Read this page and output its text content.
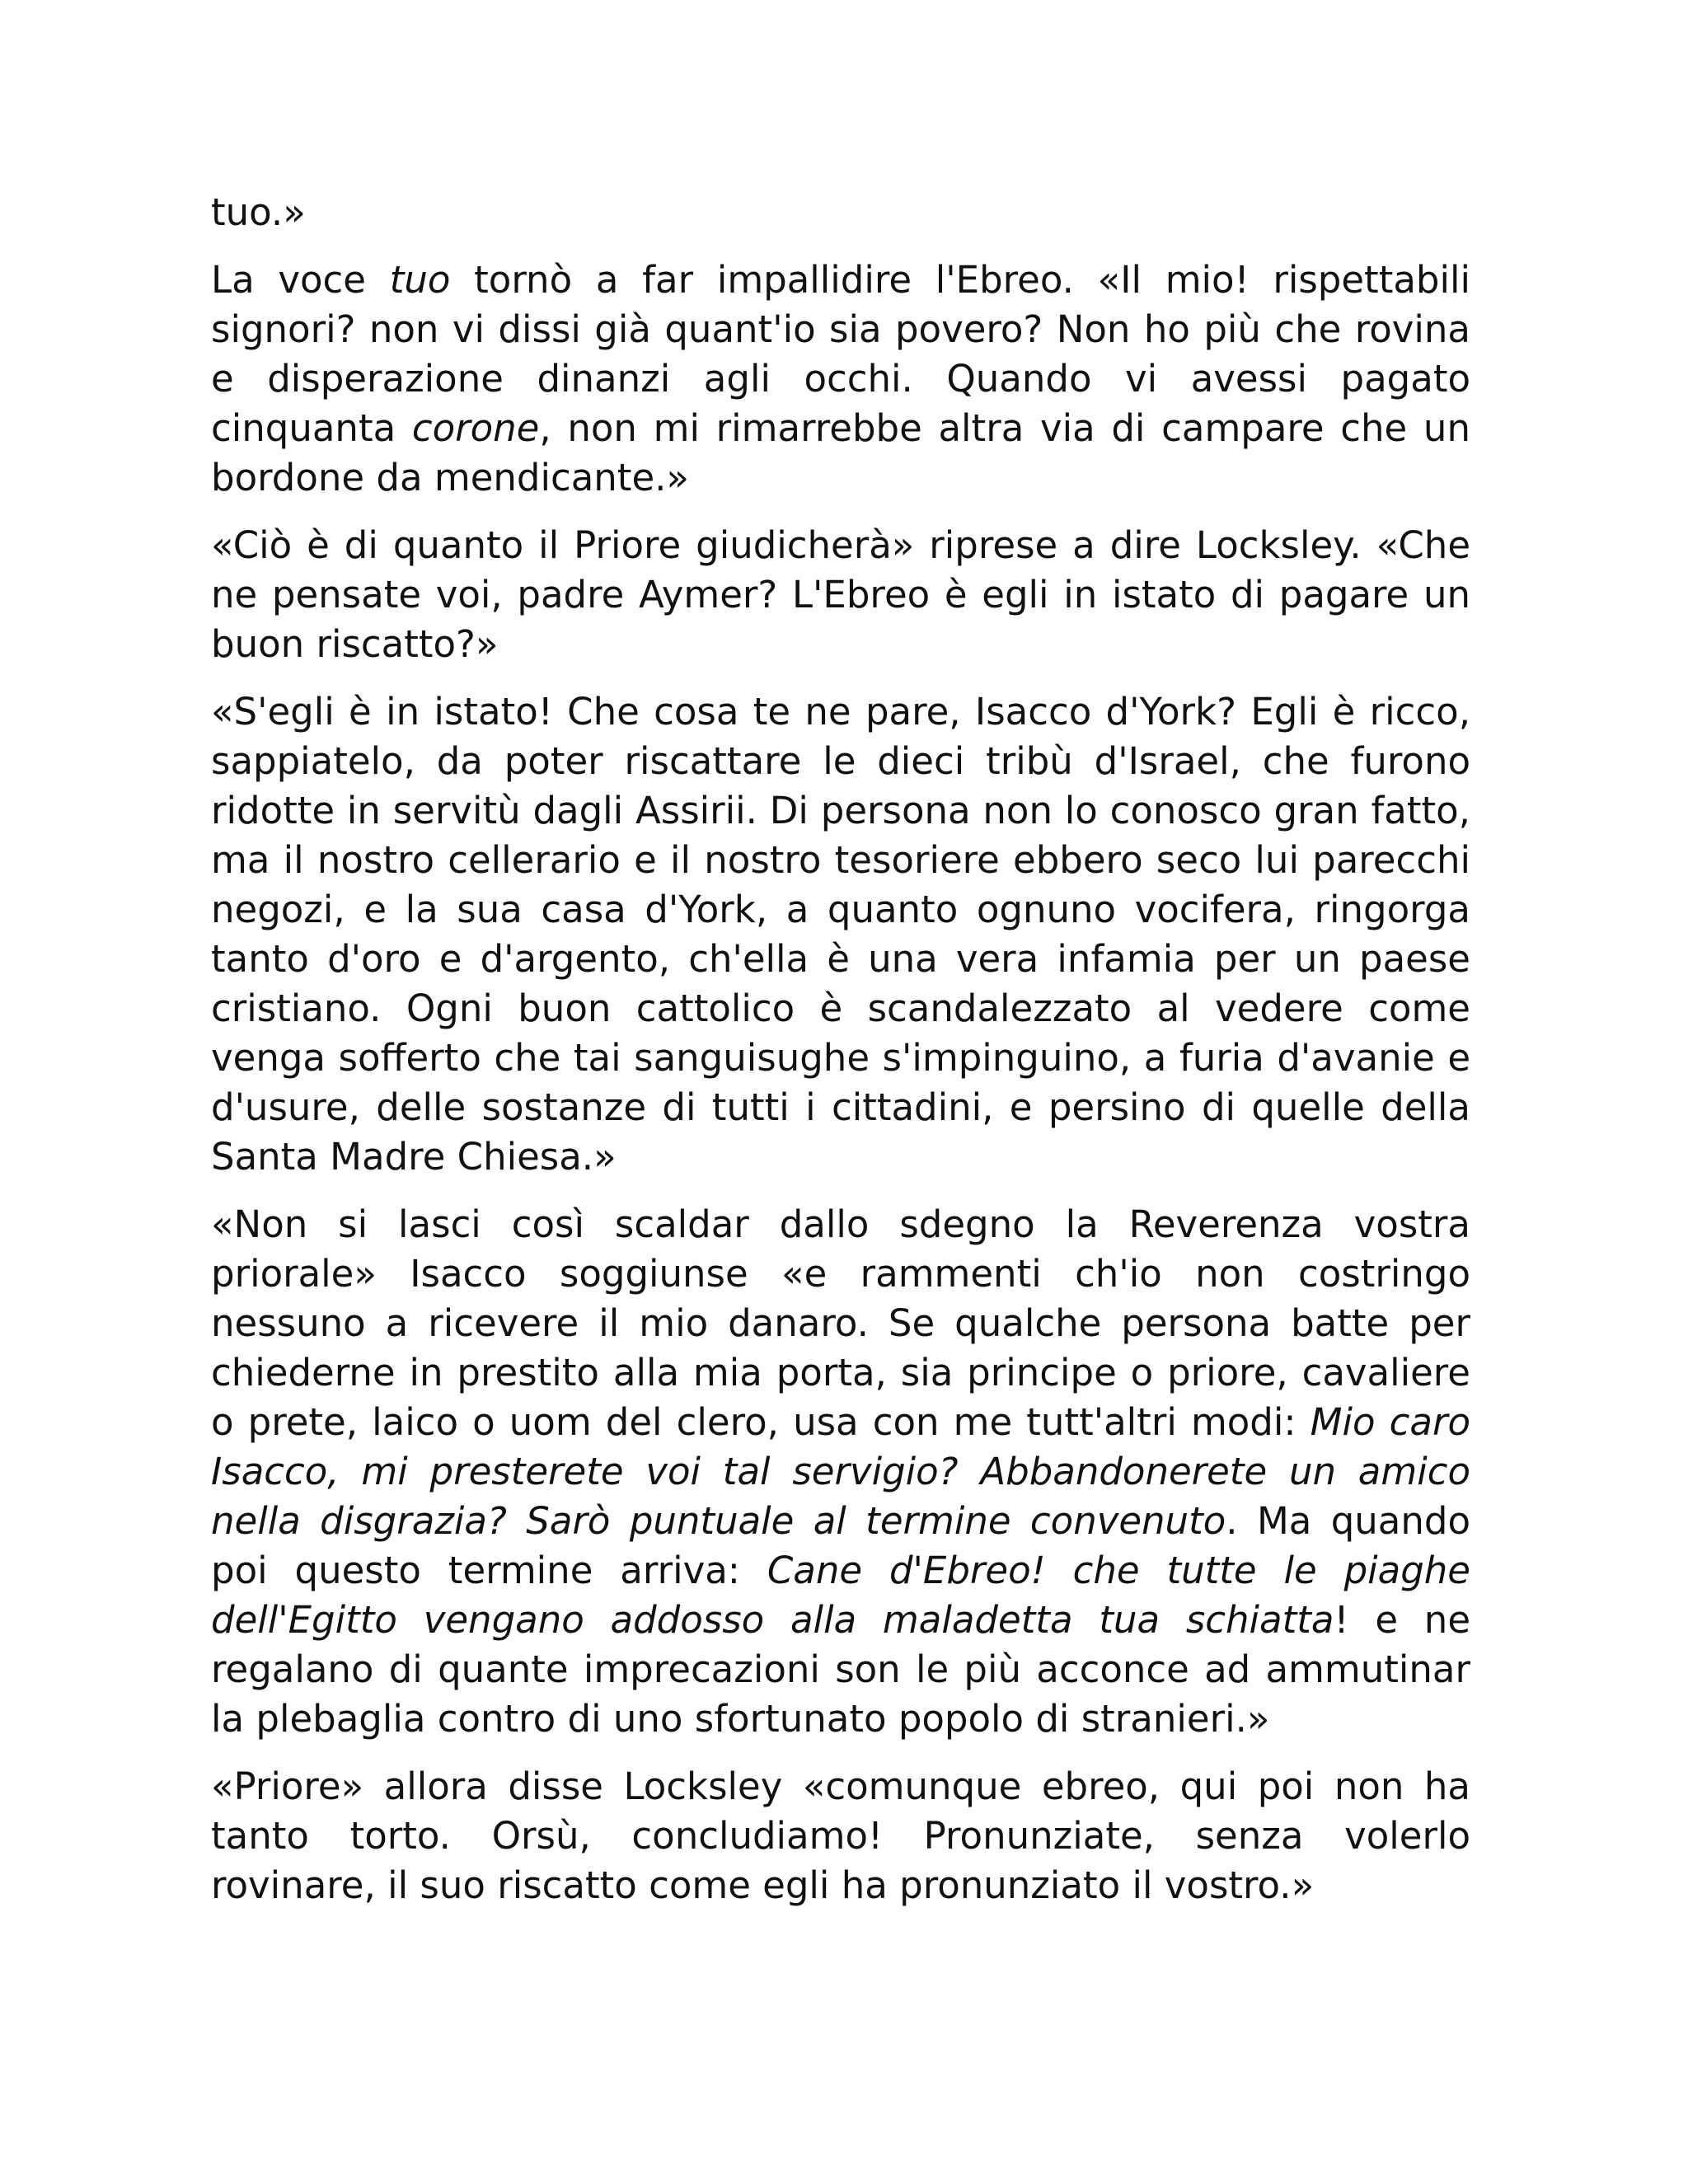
tuo.»

La voce tuo tornò a far impallidire l'Ebreo. «Il mio! rispettabili signori? non vi dissi già quant'io sia povero? Non ho più che rovina e disperazione dinanzi agli occhi. Quando vi avessi pagato cinquanta corone, non mi rimarrebbe altra via di campare che un bordone da mendicante.»

«Ciò è di quanto il Priore giudicherà» riprese a dire Locksley. «Che ne pensate voi, padre Aymer? L'Ebreo è egli in istato di pagare un buon riscatto?»

«S'egli è in istato! Che cosa te ne pare, Isacco d'York? Egli è ricco, sappiatelo, da poter riscattare le dieci tribù d'Israel, che furono ridotte in servitù dagli Assirii. Di persona non lo conosco gran fatto, ma il nostro cellerario e il nostro tesoriere ebbero seco lui parecchi negozi, e la sua casa d'York, a quanto ognuno vocifera, ringorga tanto d'oro e d'argento, ch'ella è una vera infamia per un paese cristiano. Ogni buon cattolico è scandalezzato al vedere come venga sofferto che tai sanguisughe s'impinguino, a furia d'avanie e d'usure, delle sostanze di tutti i cittadini, e persino di quelle della Santa Madre Chiesa.»

«Non si lasci così scaldar dallo sdegno la Reverenza vostra priorale» Isacco soggiunse «e rammenti ch'io non costringo nessuno a ricevere il mio danaro. Se qualche persona batte per chiederne in prestito alla mia porta, sia principe o priore, cavaliere o prete, laico o uom del clero, usa con me tutt'altri modi: Mio caro Isacco, mi presterete voi tal servigio? Abbandonerete un amico nella disgrazia? Sarò puntuale al termine convenuto. Ma quando poi questo termine arriva: Cane d'Ebreo! che tutte le piaghe dell'Egitto vengano addosso alla maladetta tua schiatta! e ne regalano di quante imprecazioni son le più acconce ad ammutinar la plebaglia contro di uno sfortunato popolo di stranieri.»

«Priore» allora disse Locksley «comunque ebreo, qui poi non ha tanto torto. Orsù, concludiamo! Pronunziate, senza volerlo rovinare, il suo riscatto come egli ha pronunziato il vostro.»
